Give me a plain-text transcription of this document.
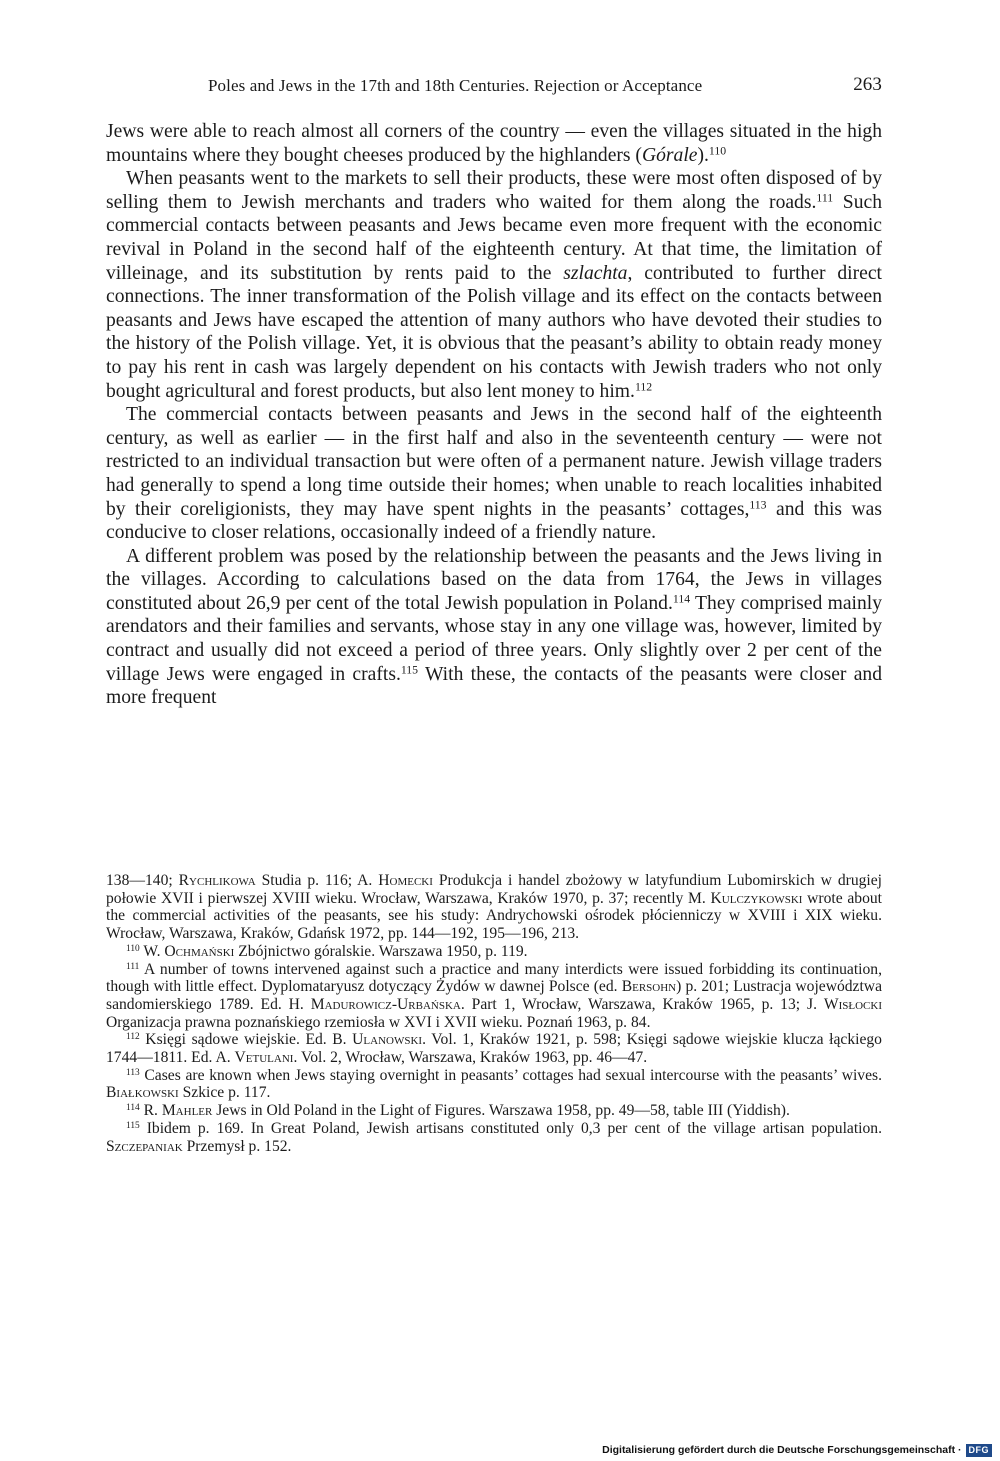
Poles and Jews in the 17th and 18th Centuries. Rejection or Acceptance	263

Jews were able to reach almost all corners of the country — even the villages situated in the high mountains where they bought cheeses produced by the highlanders (Górale).$^{110}$

When peasants went to the markets to sell their products, these were most often disposed of by selling them to Jewish merchants and traders who waited for them along the roads.$^{111}$ Such commercial contacts between peasants and Jews became even more frequent with the economic revival in Poland in the second half of the eighteenth century. At that time, the limitation of villeinage, and its substitution by rents paid to the szlachta, contributed to further direct connections. The inner transformation of the Polish village and its effect on the contacts between peasants and Jews have escaped the attention of many authors who have devoted their studies to the history of the Polish village. Yet, it is obvious that the peasant’s ability to obtain ready money to pay his rent in cash was largely dependent on his contacts with Jewish traders who not only bought agricultural and forest products, but also lent money to him.$^{112}$

The commercial contacts between peasants and Jews in the second half of the eighteenth century, as well as earlier — in the first half and also in the seventeenth century — were not restricted to an individual transaction but were often of a permanent nature. Jewish village traders had generally to spend a long time outside their homes; when unable to reach localities inhabited by their coreligionists, they may have spent nights in the peasants’ cottages,$^{113}$ and this was conducive to closer relations, occasionally indeed of a friendly nature.

A different problem was posed by the relationship between the peasants and the Jews living in the villages. According to calculations based on the data from 1764, the Jews in villages constituted about 26,9 per cent of the total Jewish population in Poland.$^{114}$ They comprised mainly arendators and their families and servants, whose stay in any one village was, however, limited by contract and usually did not exceed a period of three years. Only slightly over 2 per cent of the village Jews were engaged in crafts.$^{115}$ With these, the contacts of the peasants were closer and more frequent

138—140; Rychlikowa Studia p. 116; A. Homecki Produkcja i handel zbożowy w latyfundium Lubomirskich w drugiej połowie XVII i pierwszej XVIII wieku. Wrocław, Warszawa, Kraków 1970, p. 37; recently M. Kulczykowski wrote about the commercial activities of the peasants, see his study: Andrychowski ośrodek płócienniczy w XVIII i XIX wieku. Wrocław, Warszawa, Kraków, Gdańsk 1972, pp. 144—192, 195—196, 213.

$^{110}$ W. Ochmański Zbójnictwo góralskie. Warszawa 1950, p. 119.

$^{111}$ A number of towns intervened against such a practice and many interdicts were issued forbidding its continuation, though with little effect. Dyplomataryusz dotyczący Żydów w dawnej Polsce (ed. Bersohn) p. 201; Lustracja województwa sandomierskiego 1789. Ed. H. Madurowicz-Urbańska. Part 1, Wrocław, Warszawa, Kraków 1965, p. 13; J. Wisłocki Organizacja prawna poznańskiego rzemiosła w XVI i XVII wieku. Poznań 1963, p. 84.

$^{112}$ Księgi sądowe wiejskie. Ed. B. Ulanowski. Vol. 1, Kraków 1921, p. 598; Księgi sądowe wiejskie klucza łąckiego 1744—1811. Ed. A. Vetulani. Vol. 2, Wrocław, Warszawa, Kraków 1963, pp. 46—47.

$^{113}$ Cases are known when Jews staying overnight in peasants’ cottages had sexual intercourse with the peasants’ wives. Białkowski Szkice p. 117.

$^{114}$ R. Mahler Jews in Old Poland in the Light of Figures. Warszawa 1958, pp. 49—58, table III (Yiddish).

$^{115}$ Ibidem p. 169. In Great Poland, Jewish artisans constituted only 0,3 per cent of the village artisan population. Szczepaniak Przemysł p. 152.

Digitalisierung gefördert durch die Deutsche Forschungsgemeinschaft · DFG
